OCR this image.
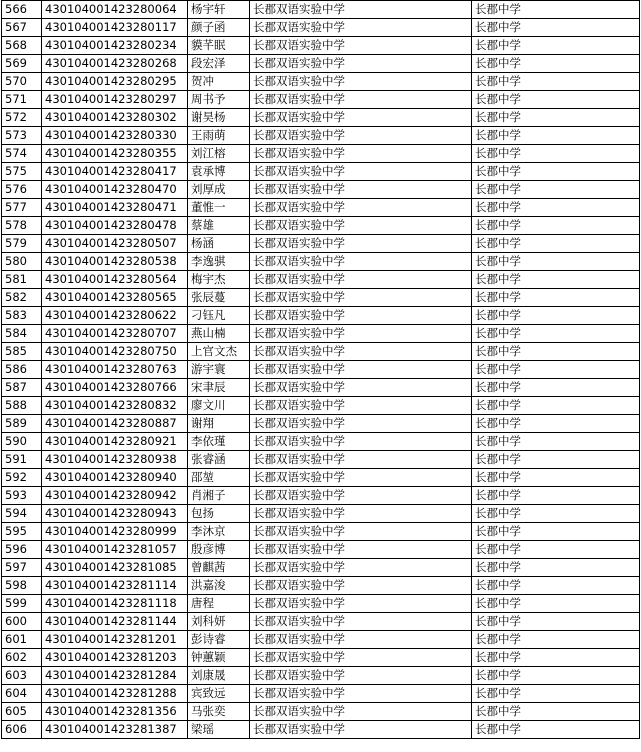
566	430104001423280064	杨宇轩	长郡双语实验中学	长郡中学
567	430104001423280117	颜子函	长郡双语实验中学	长郡中学
568	430104001423280234	貘芊眠	长郡双语实验中学	长郡中学
569	430104001423280268	段宏泽	长郡双语实验中学	长郡中学
570	430104001423280295	贺冲	长郡双语实验中学	长郡中学
571	430104001423280297	周书予	长郡双语实验中学	长郡中学
572	430104001423280302	谢昊杨	长郡双语实验中学	长郡中学
573	430104001423280330	王雨萌	长郡双语实验中学	长郡中学
574	430104001423280355	刘江榕	长郡双语实验中学	长郡中学
575	430104001423280417	袁承博	长郡双语实验中学	长郡中学
576	430104001423280470	刘厚成	长郡双语实验中学	长郡中学
577	430104001423280471	董惟一	长郡双语实验中学	长郡中学
578	430104001423280478	蔡雄	长郡双语实验中学	长郡中学
579	430104001423280507	杨涵	长郡双语实验中学	长郡中学
580	430104001423280538	李逸骐	长郡双语实验中学	长郡中学
581	430104001423280564	梅宇杰	长郡双语实验中学	长郡中学
582	430104001423280565	张辰蔓	长郡双语实验中学	长郡中学
583	430104001423280622	刁钰凡	长郡双语实验中学	长郡中学
584	430104001423280707	燕山楠	长郡双语实验中学	长郡中学
585	430104001423280750	上官文杰	长郡双语实验中学	长郡中学
586	430104001423280763	游宇寰	长郡双语实验中学	长郡中学
587	430104001423280766	宋聿辰	长郡双语实验中学	长郡中学
588	430104001423280832	廖文川	长郡双语实验中学	长郡中学
589	430104001423280887	谢翔	长郡双语实验中学	长郡中学
590	430104001423280921	李依瑾	长郡双语实验中学	长郡中学
591	430104001423280938	张睿涵	长郡双语实验中学	长郡中学
592	430104001423280940	邵堃	长郡双语实验中学	长郡中学
593	430104001423280942	肖湘子	长郡双语实验中学	长郡中学
594	430104001423280943	包扬	长郡双语实验中学	长郡中学
595	430104001423280999	李沐京	长郡双语实验中学	长郡中学
596	430104001423281057	殷彦博	长郡双语实验中学	长郡中学
597	430104001423281085	曾麒茜	长郡双语实验中学	长郡中学
598	430104001423281114	洪嘉浚	长郡双语实验中学	长郡中学
599	430104001423281118	唐程	长郡双语实验中学	长郡中学
600	430104001423281144	刘科妍	长郡双语实验中学	长郡中学
601	430104001423281201	彭诗睿	长郡双语实验中学	长郡中学
602	430104001423281203	钟蕙颖	长郡双语实验中学	长郡中学
603	430104001423281284	刘康晟	长郡双语实验中学	长郡中学
604	430104001423281288	宾致远	长郡双语实验中学	长郡中学
605	430104001423281356	马张奕	长郡双语实验中学	长郡中学
606	430104001423281387	梁瑶	长郡双语实验中学	长郡中学
